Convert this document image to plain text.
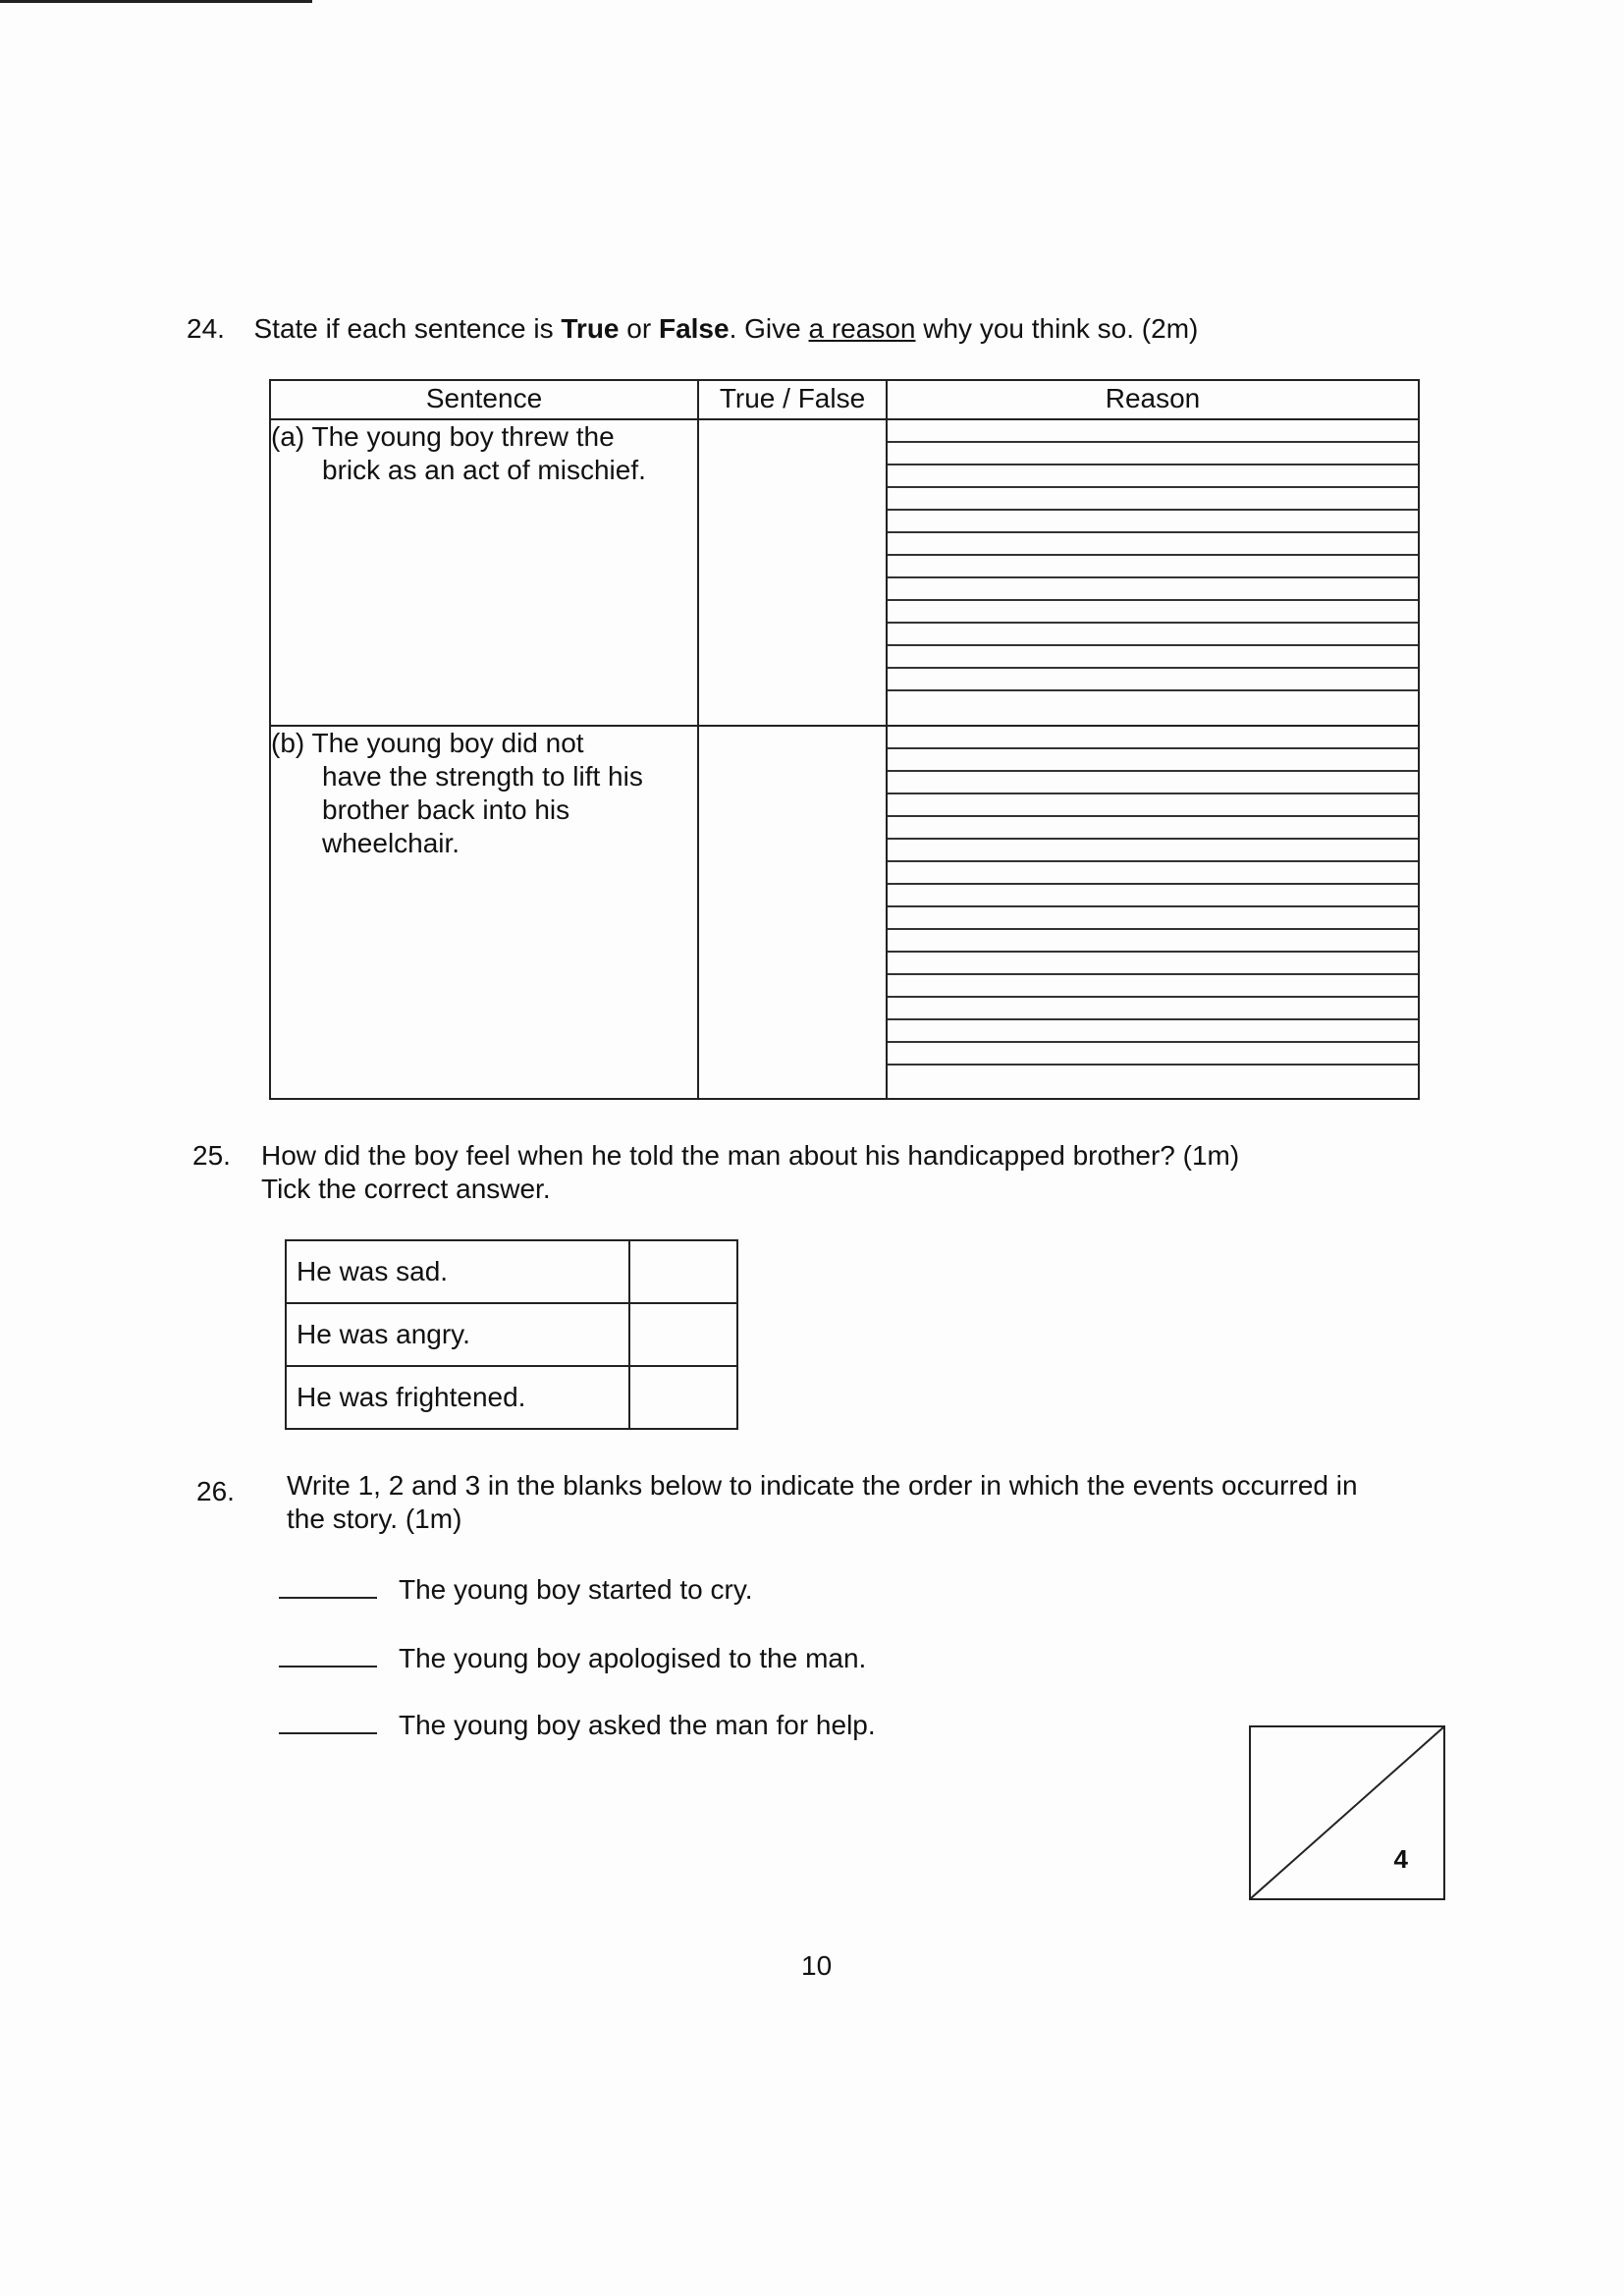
24. State if each sentence is True or False. Give a reason why you think so. (2m)
Sentence	True / False	Reason
(a) The young boy threw the
brick as an act of mischief.		

(b) The young boy did not
have the strength to lift his brother back into his wheelchair.		

25. How did the boy feel when he told the man about his handicapped brother? (1m)
Tick the correct answer.
He was sad.	
He was angry.	
He was frightened.	
26. Write 1, 2 and 3 in the blanks below to indicate the order in which the events occurred in
the story. (1m)
The young boy started to cry.
The young boy apologised to the man.
The young boy asked the man for help.
4
10
